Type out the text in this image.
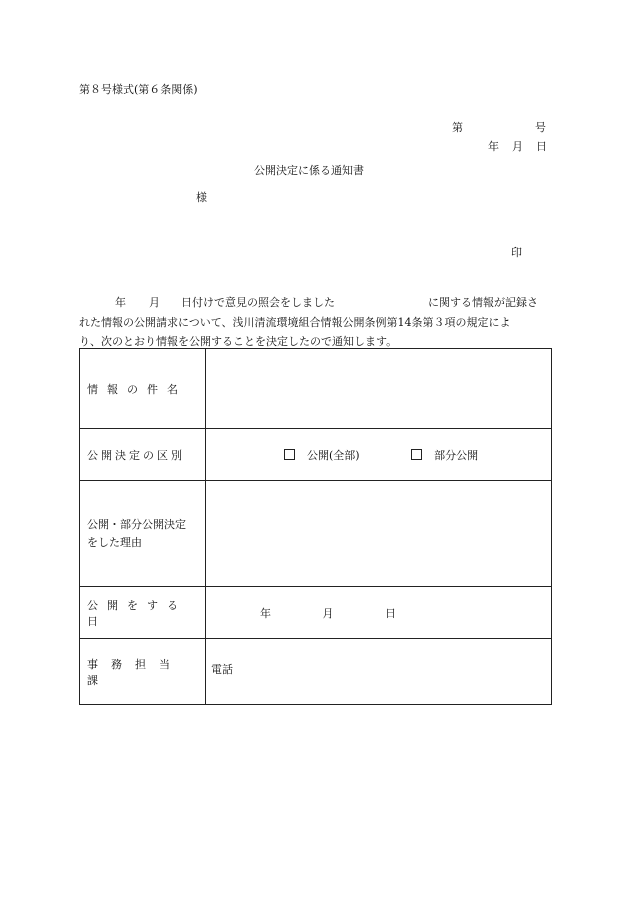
第８号様式(第６条関係)
第	号
年 月 日
公開決定に係る通知書
様
印
年 月 日付けで意見の照会をしました	に関する情報が記録さ
れた情報の公開請求について、浅川清流環境組合情報公開条例第14条第３項の規定によ
り、次のとおり情報を公開することを決定したので通知します。
情報の件名	
公開決定の区別	公開(全部) 部分公開

公開・部分公開決定
をした理由	

公開をする日	年 月 日
事務担当課	電話
